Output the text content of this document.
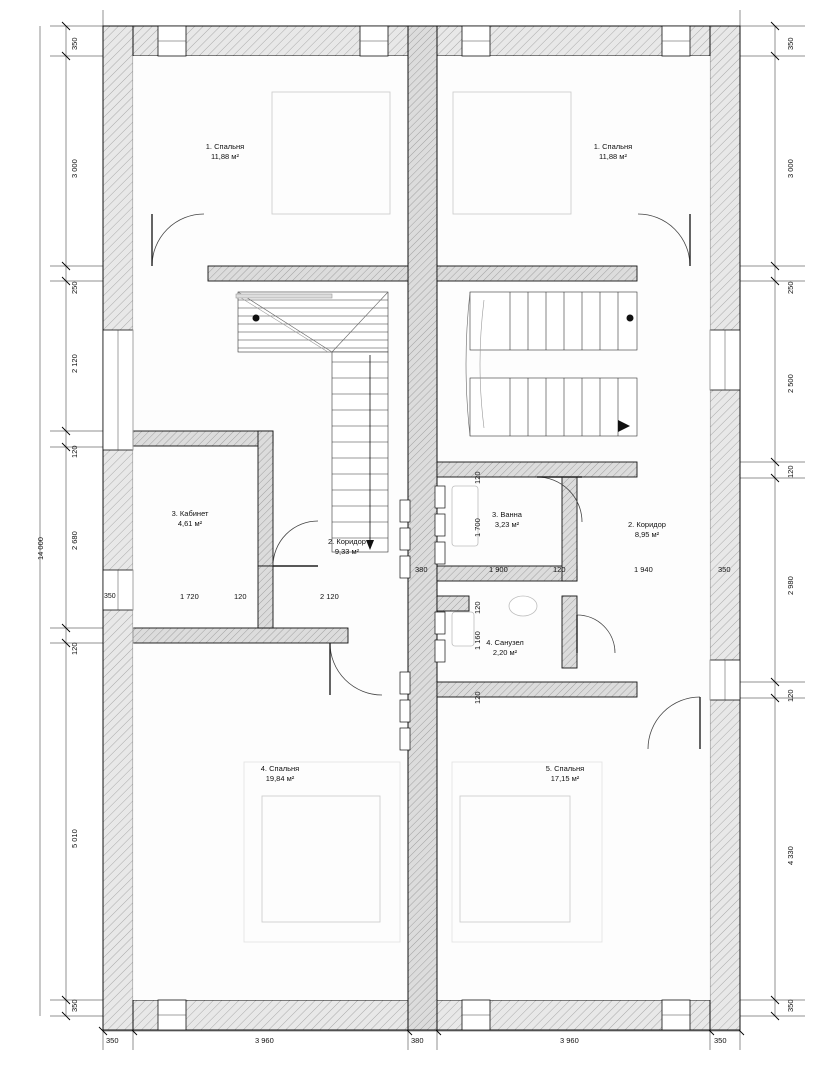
1. Спальня
11,88 м²
1. Спальня
11,88 м²
3. Кабинет
4,61 м²
2. Коридор
9,33 м²
3. Ванна
3,23 м²	2. Коридор
8,95 м²
4. Санузел
2,20 м²
4. Спальня
19,84 м²
5. Спальня
17,15 м²
350
3 000
250
2 120
120
2 680
120
5 010
350
14 000
350
3 000
250
2 500
120
2 980
120
4 330
350
350	3 960	380	3 960	350
350	1 720	120	2 120
380	1 900	120	1 940	350
120
1 700
120
1 160
120
